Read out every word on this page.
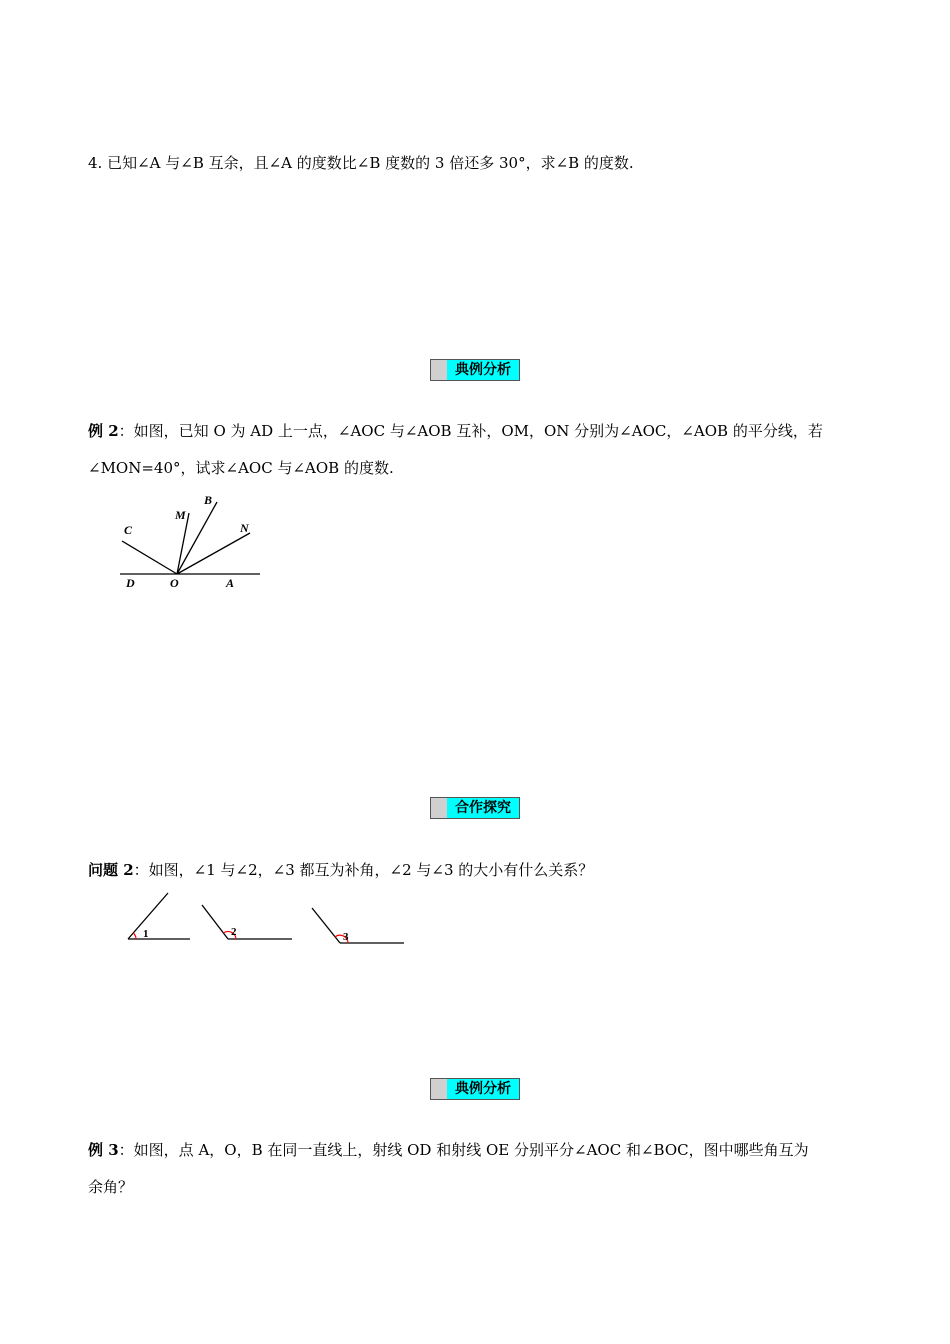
4. 已知∠A 与∠B 互余，且∠A 的度数比∠B 度数的 3 倍还多 30°，求∠B 的度数.
典例分析
例 2：如图，已知 O 为 AD 上一点，∠AOC 与∠AOB 互补，OM，ON 分别为∠AOC，∠AOB 的平分线，若
∠MON=40°，试求∠AOC 与∠AOB 的度数.
C
M
B
N
D	O	A
合作探究
问题 2：如图，∠1 与∠2，∠3 都互为补角，∠2 与∠3 的大小有什么关系？
1	2	3
典例分析
例 3：如图，点 A，O，B 在同一直线上，射线 OD 和射线 OE 分别平分∠AOC 和∠BOC，图中哪些角互为
余角？
